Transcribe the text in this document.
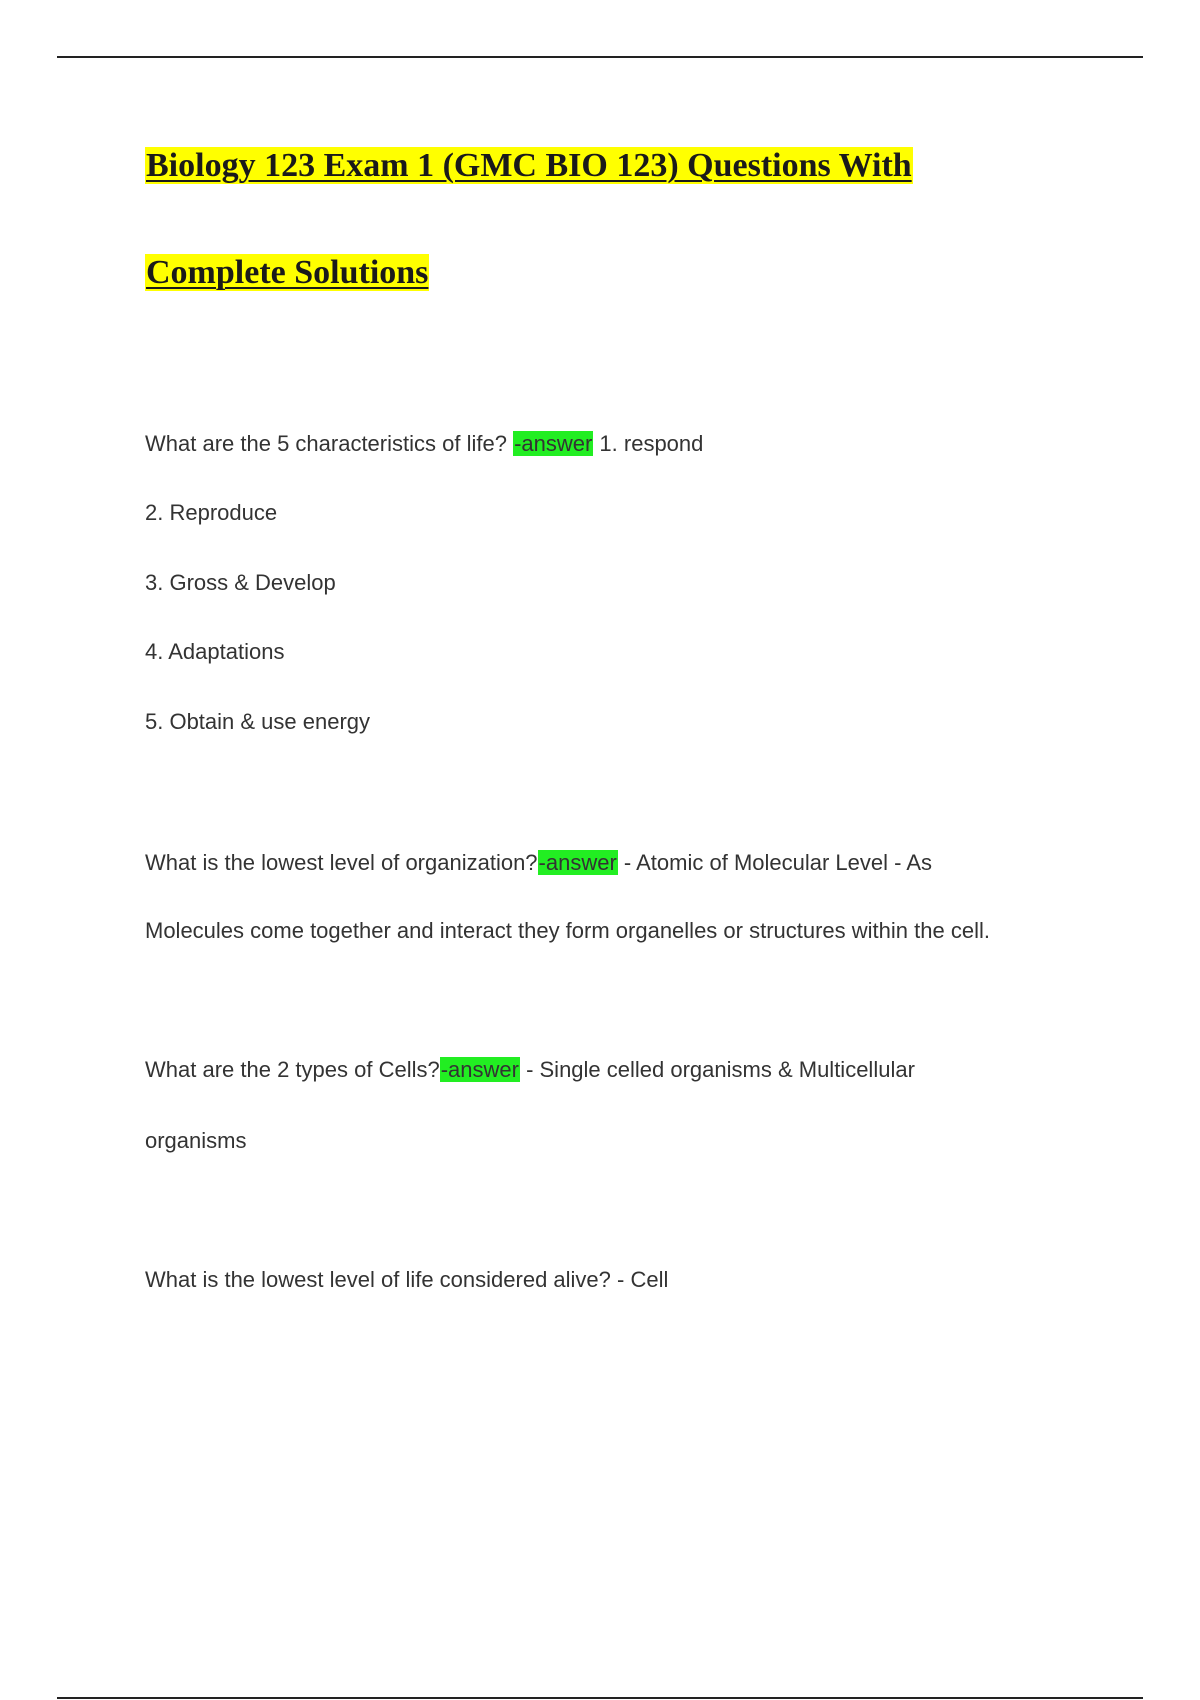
Biology 123 Exam 1 (GMC BIO 123) Questions With
Complete Solutions
What are the 5 characteristics of life? -answer 1. respond
2. Reproduce
3. Gross & Develop
4. Adaptations
5. Obtain & use energy
What is the lowest level of organization?-answer - Atomic of Molecular Level - As
Molecules come together and interact they form organelles or structures within the cell.
What are the 2 types of Cells?-answer - Single celled organisms & Multicellular
organisms
What is the lowest level of life considered alive? - Cell
